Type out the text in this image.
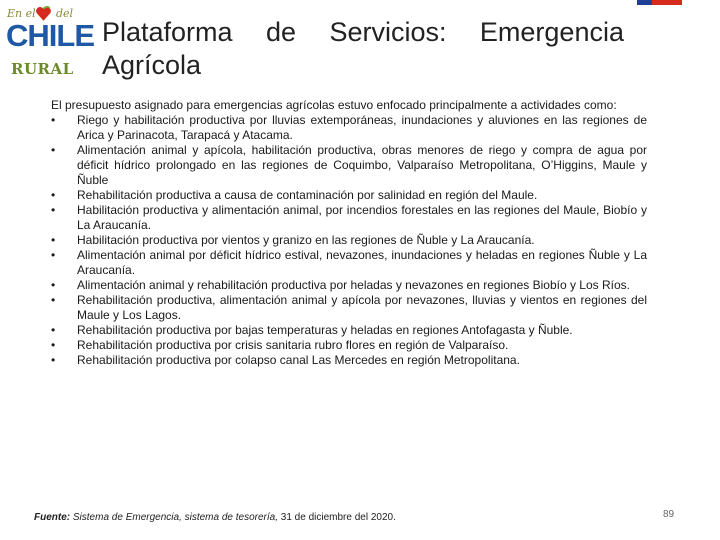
En el del
CHILE
RURAL
Plataforma de Servicios: Emergencia
Agrícola

El presupuesto asignado para emergencias agrícolas estuvo enfocado principalmente a actividades como:

•	Riego y habilitación productiva por lluvias extemporáneas, inundaciones y aluviones en las regiones de Arica y Parinacota, Tarapacá y Atacama.
•	Alimentación animal y apícola, habilitación productiva, obras menores de riego y compra de agua por déficit hídrico prolongado en las regiones de Coquimbo, Valparaíso Metropolitana, O’Higgins, Maule y Ñuble
•	Rehabilitación productiva a causa de contaminación por salinidad en región del Maule.
•	Habilitación productiva y alimentación animal, por incendios forestales en las regiones del Maule, Biobío y La Araucanía.
•	Habilitación productiva por vientos y granizo en las regiones de Ñuble y La Araucanía.
•	Alimentación animal por déficit hídrico estival, nevazones, inundaciones y heladas en regiones Ñuble y La Araucanía.
•	Alimentación animal y rehabilitación productiva por heladas y nevazones en regiones Biobío y Los Ríos.
•	Rehabilitación productiva, alimentación animal y apícola por nevazones, lluvias y vientos en regiones del Maule y Los Lagos.
•	Rehabilitación productiva por bajas temperaturas y heladas en regiones Antofagasta y Ñuble.
•	Rehabilitación productiva por crisis sanitaria rubro flores en región de Valparaíso.
•	Rehabilitación productiva por colapso canal Las Mercedes en región Metropolitana.
Fuente: Sistema de Emergencia, sistema de tesorería, 31 de diciembre del 2020.	89
